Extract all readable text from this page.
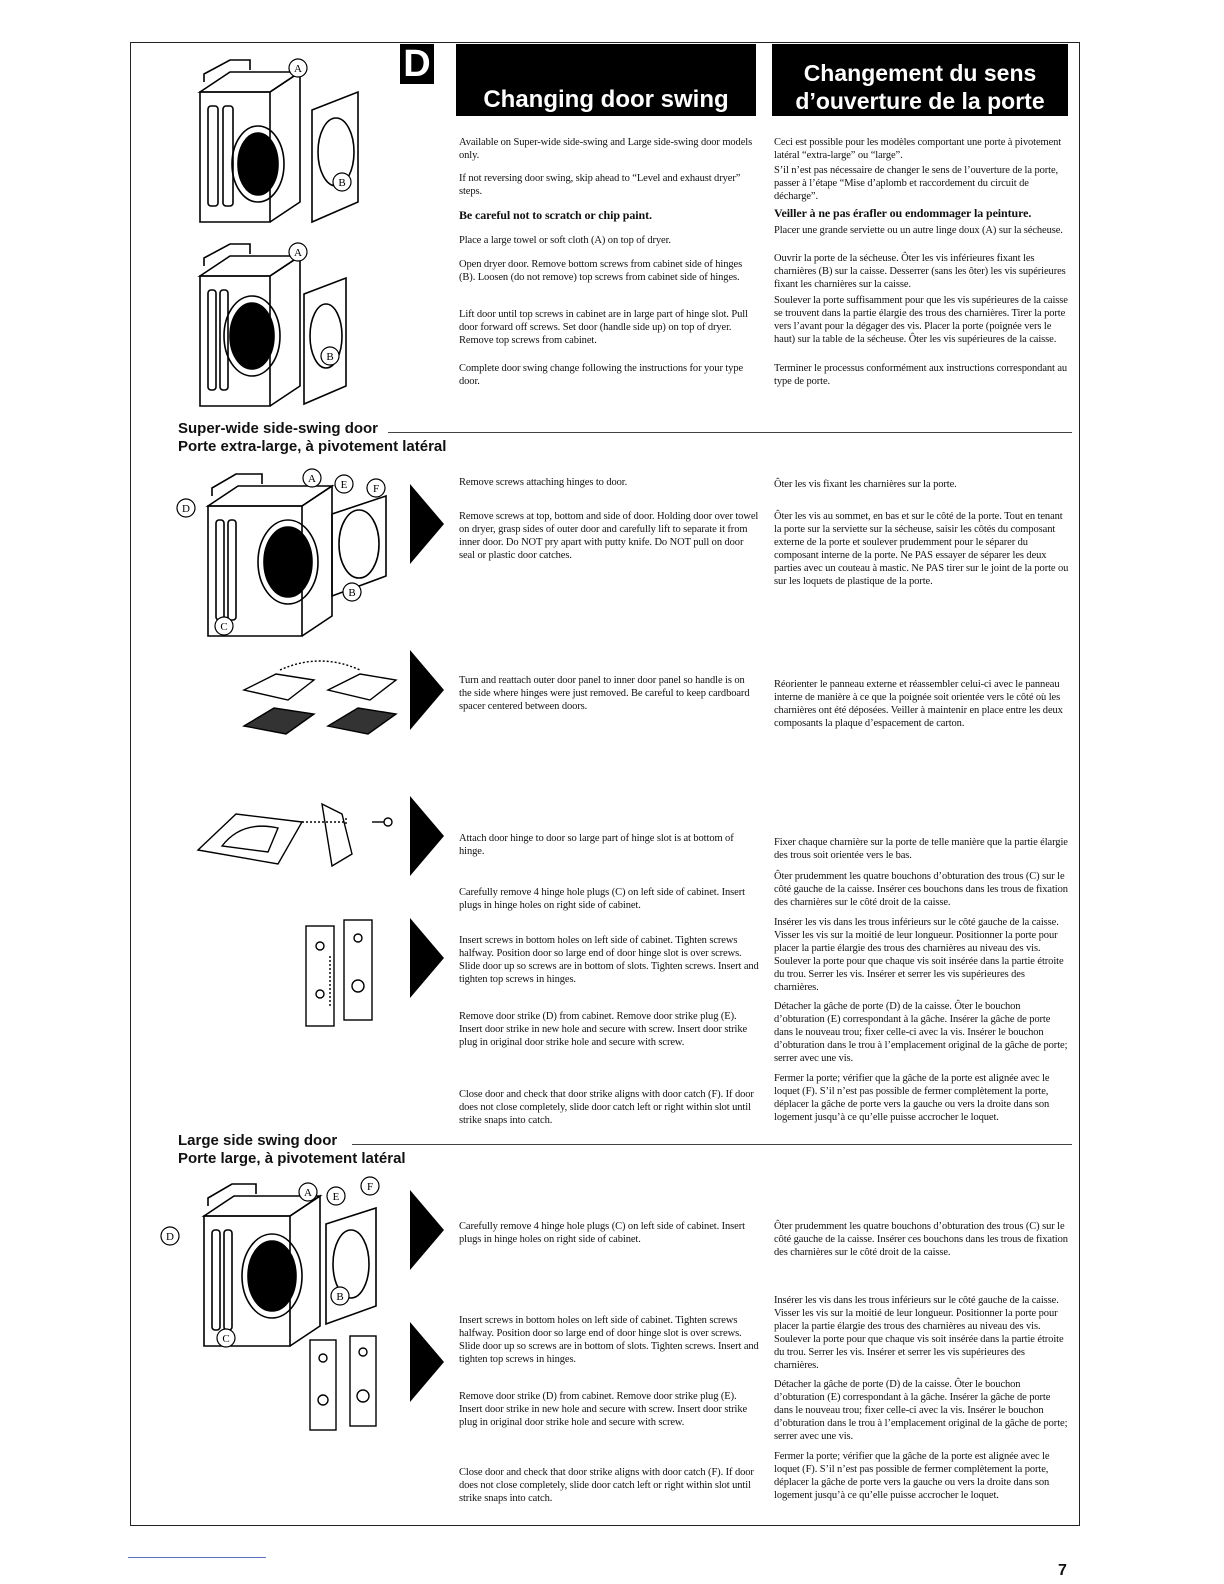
D
Changing door swing
Changement du sens
d’ouverture de la porte
A
B
A
B

Available on Super-wide side-swing and Large side-swing door models only.

If not reversing door swing, skip ahead to “Level and exhaust dryer” steps.

Be careful not to scratch or chip paint.

Place a large towel or soft cloth (A) on top of dryer.

Open dryer door. Remove bottom screws from cabinet side of hinges (B). Loosen (do not remove) top screws from cabinet side of hinges.

Lift door until top screws in cabinet are in large part of hinge slot. Pull door forward off screws. Set door (handle side up) on top of dryer. Remove top screws from cabinet.

Complete door swing change following the instructions for your type door.

Ceci est possible pour les modèles comportant une porte à pivotement latéral “extra-large” ou “large”.

S’il n’est pas nécessaire de changer le sens de l’ouverture de la porte, passer à l’étape “Mise d’aplomb et raccordement du circuit de décharge”.

Veiller à ne pas érafler ou endommager la peinture.

Placer une grande serviette ou un autre linge doux (A) sur la sécheuse.

Ouvrir la porte de la sécheuse. Ôter les vis inférieures fixant les charnières (B) sur la caisse. Desserrer (sans les ôter) les vis supérieures fixant les charnières sur la caisse.

Soulever la porte suffisamment pour que les vis supérieures de la caisse se trouvent dans la partie élargie des trous des charnières. Tirer la porte vers l’avant pour la dégager des vis. Placer la porte (poignée vers le haut) sur la table de la sécheuse. Ôter les vis supérieures de la caisse.

Terminer le processus conformément aux instructions correspondant au type de porte.

Super-wide side-swing door

Porte extra-large, à pivotement latéral

A E F
D
B
C

Remove screws attaching hinges to door.

Remove screws at top, bottom and side of door. Holding door over towel on dryer, grasp sides of outer door and carefully lift to separate it from inner door. Do NOT pry apart with putty knife. Do NOT pull on door seal or plastic door catches.

Turn and reattach outer door panel to inner door panel so handle is on the side where hinges were just removed. Be careful to keep cardboard spacer centered between doors.

Attach door hinge to door so large part of hinge slot is at bottom of hinge.

Carefully remove 4 hinge hole plugs (C) on left side of cabinet. Insert plugs in hinge holes on right side of cabinet.

Insert screws in bottom holes on left side of cabinet. Tighten screws halfway. Position door so large end of door hinge slot is over screws. Slide door up so screws are in bottom of slots. Tighten screws. Insert and tighten top screws in hinges.

Remove door strike (D) from cabinet. Remove door strike plug (E). Insert door strike in new hole and secure with screw. Insert door strike plug in original door strike hole and secure with screw.

Close door and check that door strike aligns with door catch (F). If door does not close completely, slide door catch left or right within slot until strike snaps into catch.

Ôter les vis fixant les charnières sur la porte.

Ôter les vis au sommet, en bas et sur le côté de la porte. Tout en tenant la porte sur la serviette sur la sécheuse, saisir les côtés du composant externe de la porte et soulever prudemment pour le séparer du composant interne de la porte. Ne PAS essayer de séparer les deux parties avec un couteau à mastic. Ne PAS tirer sur le joint de la porte ou sur les loquets de plastique de la porte.

Réorienter le panneau externe et réassembler celui-ci avec le panneau interne de manière à ce que la poignée soit orientée vers le côté où les charnières ont été déposées. Veiller à maintenir en place entre les deux composants la plaque d’espacement de carton.

Fixer chaque charnière sur la porte de telle manière que la partie élargie des trous soit orientée vers le bas.

Ôter prudemment les quatre bouchons d’obturation des trous (C) sur le côté gauche de la caisse. Insérer ces bouchons dans les trous de fixation des charnières sur le côté droit de la caisse.

Insérer les vis dans les trous inférieurs sur le côté gauche de la caisse. Visser les vis sur la moitié de leur longueur. Positionner la porte pour placer la partie élargie des trous des charnières au niveau des vis. Soulever la porte pour que chaque vis soit insérée dans la partie étroite du trou. Serrer les vis. Insérer et serrer les vis supérieures des charnières.

Détacher la gâche de porte (D) de la caisse. Ôter le bouchon d’obturation (E) correspondant à la gâche. Insérer la gâche de porte dans le nouveau trou; fixer celle-ci avec la vis. Insérer le bouchon d’obturation dans le trou à l’emplacement original de la gâche de porte; serrer avec une vis.

Fermer la porte; vérifier que la gâche de la porte est alignée avec le loquet (F). S’il n’est pas possible de fermer complètement la porte, déplacer la gâche de porte vers la gauche ou vers la droite dans son logement jusqu’à ce qu’elle puisse accrocher le loquet.

Large side swing door

Porte large, à pivotement latéral

A E
F
D
B
C

Carefully remove 4 hinge hole plugs (C) on left side of cabinet. Insert plugs in hinge holes on right side of cabinet.

Insert screws in bottom holes on left side of cabinet. Tighten screws halfway. Position door so large end of door hinge slot is over screws. Slide door up so screws are in bottom of slots. Tighten screws. Insert and tighten top screws in hinges.

Remove door strike (D) from cabinet. Remove door strike plug (E). Insert door strike in new hole and secure with screw. Insert door strike plug in original door strike hole and secure with screw.

Close door and check that door strike aligns with door catch (F). If door does not close completely, slide door catch left or right within slot until strike snaps into catch.

Ôter prudemment les quatre bouchons d’obturation des trous (C) sur le côté gauche de la caisse. Insérer ces bouchons dans les trous de fixation des charnières sur le côté droit de la caisse.

Insérer les vis dans les trous inférieurs sur le côté gauche de la caisse. Visser les vis sur la moitié de leur longueur. Positionner la porte pour placer la partie élargie des trous des charnières au niveau des vis. Soulever la porte pour que chaque vis soit insérée dans la partie étroite du trou. Serrer les vis. Insérer et serrer les vis supérieures des charnières.

Détacher la gâche de porte (D) de la caisse. Ôter le bouchon d’obturation (E) correspondant à la gâche. Insérer la gâche de porte dans le nouveau trou; fixer celle-ci avec la vis. Insérer le bouchon d’obturation dans le trou à l’emplacement original de la gâche de porte; serrer avec une vis.

Fermer la porte; vérifier que la gâche de la porte est alignée avec le loquet (F). S’il n’est pas possible de fermer complètement la porte, déplacer la gâche de porte vers la gauche ou vers la droite dans son logement jusqu’à ce qu’elle puisse accrocher le loquet.

7
